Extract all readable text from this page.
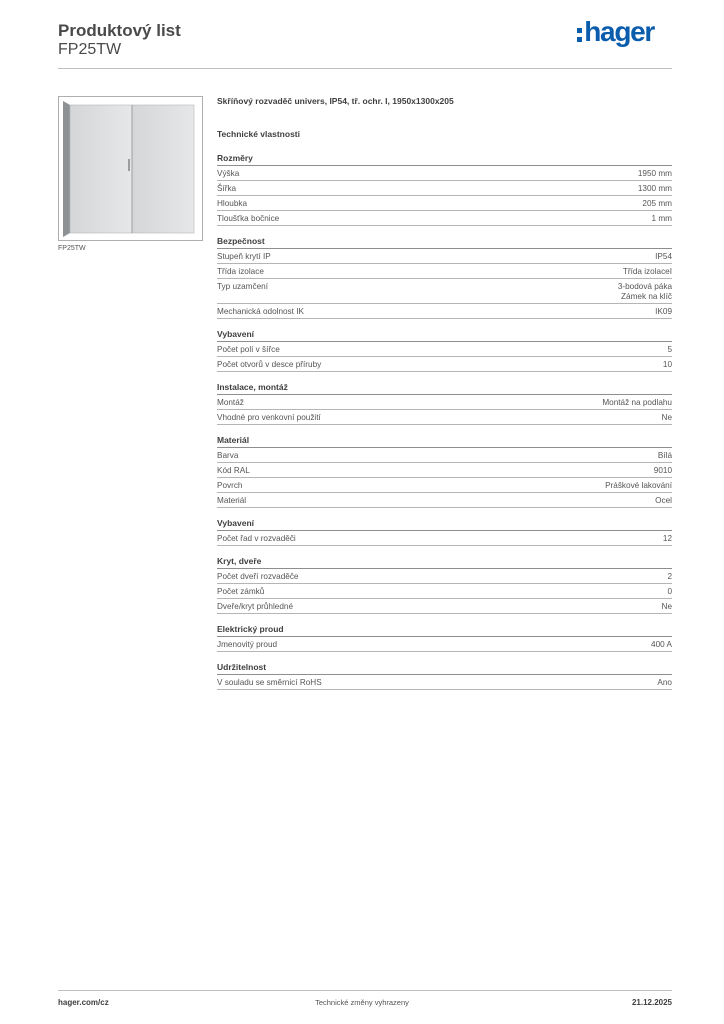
Produktový list
FP25TW
hager
FP25TW
Skříňový rozvaděč univers, IP54, tř. ochr. I, 1950x1300x205
Technické vlastnosti
Rozměry
Výška	1950 mm
Šířka	1300 mm
Hloubka	205 mm
Tloušťka bočnice	1 mm
Bezpečnost
Stupeň krytí IP	IP54
Třída izolace	Třída izolaceI
Typ uzamčení	3-bodová páka
Zámek na klíč
Mechanická odolnost IK	IK09
Vybavení
Počet polí v šířce	5
Počet otvorů v desce příruby	10
Instalace, montáž
Montáž	Montáž na podlahu
Vhodné pro venkovní použití	Ne
Materiál
Barva	Bílá
Kód RAL	9010
Povrch	Práškové lakování
Materiál	Ocel
Vybavení
Počet řad v rozvaděči	12
Kryt, dveře
Počet dveří rozvaděče	2
Počet zámků	0
Dveře/kryt průhledné	Ne
Elektrický proud
Jmenovitý proud	400 A
Udržitelnost
V souladu se směrnicí RoHS	Ano
hager.com/cz	Technické změny vyhrazeny	21.12.2025
